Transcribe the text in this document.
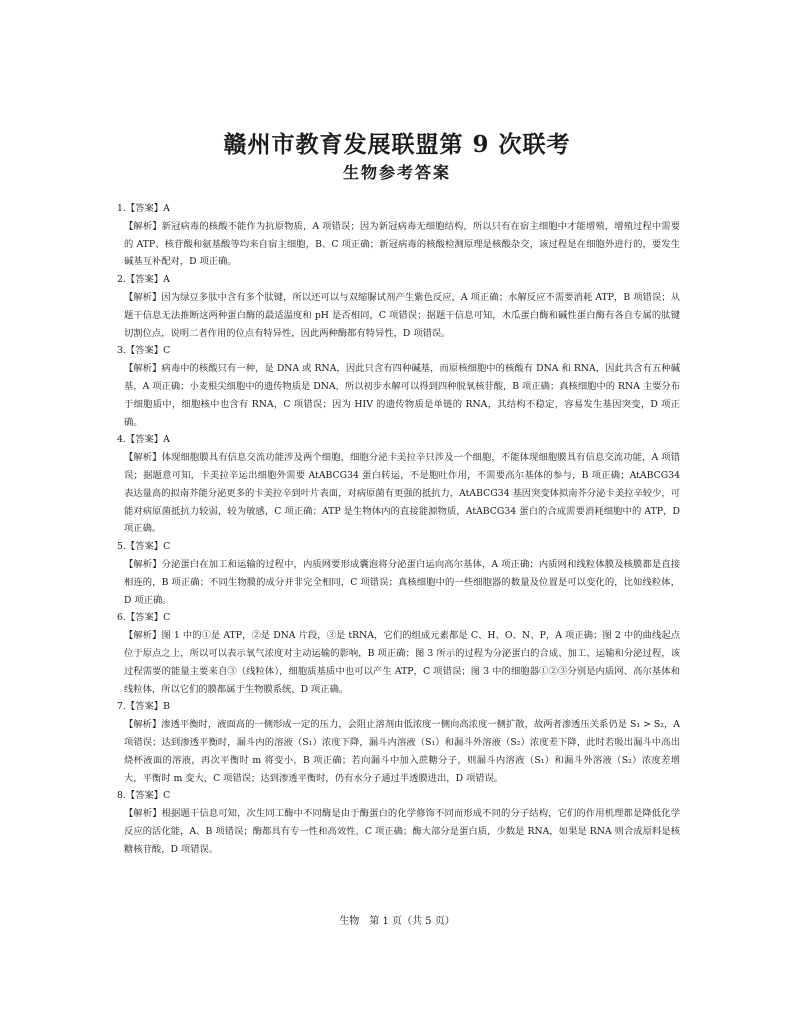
赣州市教育发展联盟第 9 次联考
生物参考答案
1.【答案】A
【解析】新冠病毒的核酸不能作为抗原物质，A 项错误；因为新冠病毒无细胞结构，所以只有在宿主细胞中才能增殖，增殖过程中需要的 ATP、核苷酸和氨基酸等均来自宿主细胞，B、C 项正确；新冠病毒的核酸检测原理是核酸杂交，该过程是在细胞外进行的，要发生碱基互补配对，D 项正确。
2.【答案】A
【解析】因为绿豆多肽中含有多个肽键，所以还可以与双缩脲试剂产生紫色反应，A 项正确；水解反应不需要消耗 ATP，B 项错误；从题干信息无法推断这两种蛋白酶的最适温度和 pH 是否相同，C 项错误；据题干信息可知，木瓜蛋白酶和碱性蛋白酶有各自专属的肽键切割位点，说明二者作用的位点有特异性，因此两种酶都有特异性，D 项错误。
3.【答案】C
【解析】病毒中的核酸只有一种，是 DNA 或 RNA，因此只含有四种碱基，而原核细胞中的核酸有 DNA 和 RNA，因此共含有五种碱基，A 项正确；小麦根尖细胞中的遗传物质是 DNA，所以初步水解可以得到四种脱氧核苷酸，B 项正确；真核细胞中的 RNA 主要分布于细胞质中，细胞核中也含有 RNA，C 项错误；因为 HIV 的遗传物质是单链的 RNA，其结构不稳定，容易发生基因突变，D 项正确。
4.【答案】A
【解析】体现细胞膜具有信息交流功能涉及两个细胞，细胞分泌卡美拉辛只涉及一个细胞，不能体现细胞膜具有信息交流功能，A 项错误；据题意可知，卡美拉辛运出细胞外需要 AtABCG34 蛋白转运，不是胞吐作用，不需要高尔基体的参与，B 项正确；AtABCG34 表达量高的拟南芥能分泌更多的卡美拉辛到叶片表面，对病原菌有更强的抵抗力，AtABCG34 基因突变体拟南芥分泌卡美拉辛较少，可能对病原菌抵抗力较弱，较为敏感，C 项正确；ATP 是生物体内的直接能源物质，AtABCG34 蛋白的合成需要消耗细胞中的 ATP，D 项正确。
5.【答案】C
【解析】分泌蛋白在加工和运输的过程中，内质网要形成囊泡将分泌蛋白运向高尔基体，A 项正确；内质网和线粒体膜及核膜都是直接相连的，B 项正确；不同生物膜的成分并非完全相同，C 项错误；真核细胞中的一些细胞器的数量及位置是可以变化的，比如线粒体，D 项正确。
6.【答案】C
【解析】图 1 中的①是 ATP，②是 DNA 片段，③是 tRNA，它们的组成元素都是 C、H、O、N、P，A 项正确；图 2 中的曲线起点位于原点之上，所以可以表示氧气浓度对主动运输的影响，B 项正确；图 3 所示的过程为分泌蛋白的合成、加工、运输和分泌过程，该过程需要的能量主要来自③（线粒体），细胞质基质中也可以产生 ATP，C 项错误；图 3 中的细胞器①②③分别是内质网、高尔基体和线粒体，所以它们的膜都属于生物膜系统，D 项正确。
7.【答案】B
【解析】渗透平衡时，液面高的一侧形成一定的压力，会阻止溶剂由低浓度一侧向高浓度一侧扩散，故两者渗透压关系仍是 S₁ > S₂，A 项错误；达到渗透平衡时，漏斗内的溶液（S₁）浓度下降，漏斗内溶液（S₁）和漏斗外溶液（S₂）浓度差下降，此时若吸出漏斗中高出烧杯液面的溶液，再次平衡时 m 将变小，B 项正确；若向漏斗中加入蔗糖分子，则漏斗内溶液（S₁）和漏斗外溶液（S₂）浓度差增大，平衡时 m 变大，C 项错误；达到渗透平衡时，仍有水分子通过半透膜进出，D 项错误。
8.【答案】C
【解析】根据题干信息可知，次生同工酶中不同酶是由于酶蛋白的化学修饰不同而形成不同的分子结构，它们的作用机理都是降低化学反应的活化能，A、B 项错误；酶都具有专一性和高效性，C 项正确；酶大部分是蛋白质，少数是 RNA，如果是 RNA 则合成原料是核糖核苷酸，D 项错误。
生物　第 1 页（共 5 页）
